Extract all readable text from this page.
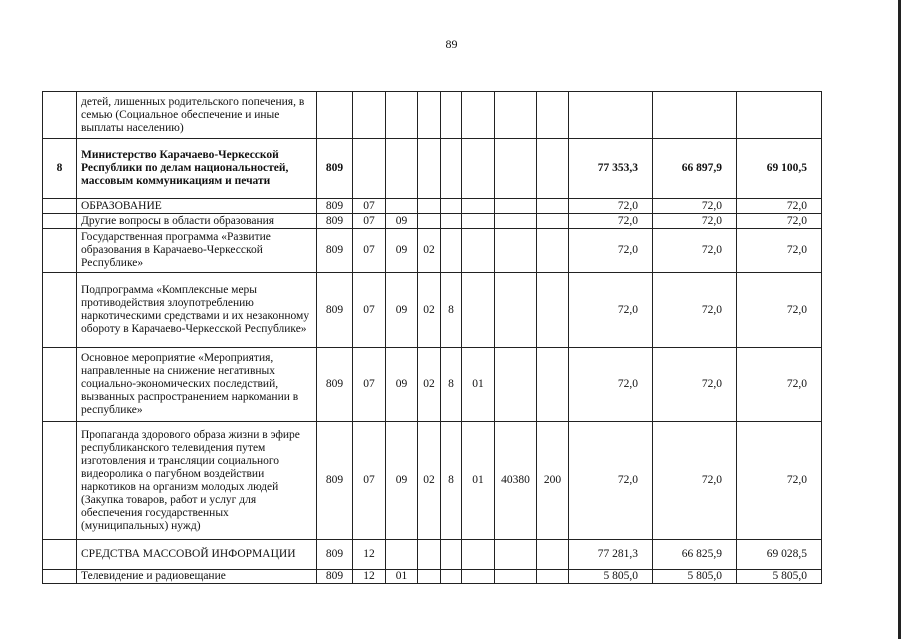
89
	детей, лишенных родительского попечения, в семью (Социальное обеспечение и иные выплаты населению)											
8	Министерство Карачаево-Черкесской Республики по делам национальностей, массовым коммуникациям и печати	809								77 353,3	66 897,9	69 100,5
	ОБРАЗОВАНИЕ	809	07							72,0	72,0	72,0
	Другие вопросы в области образования	809	07	09						72,0	72,0	72,0
	Государственная программа «Развитие образования в Карачаево-Черкесской Республике»	809	07	09	02					72,0	72,0	72,0
	Подпрограмма «Комплексные меры противодействия злоупотреблению наркотическими средствами и их незаконному обороту в Карачаево-Черкесской Республике»	809	07	09	02	8				72,0	72,0	72,0
	Основное мероприятие «Мероприятия, направленные на снижение негативных социально-экономических последствий, вызванных распространением наркомании в республике»	809	07	09	02	8	01			72,0	72,0	72,0
	Пропаганда здорового образа жизни в эфире республиканского телевидения путем изготовления и трансляции социального видеоролика о пагубном воздействии наркотиков на организм молодых людей (Закупка товаров, работ и услуг для обеспечения государственных (муниципальных) нужд)	809	07	09	02	8	01	40380	200	72,0	72,0	72,0
	СРЕДСТВА МАССОВОЙ ИНФОРМАЦИИ	809	12							77 281,3	66 825,9	69 028,5
	Телевидение и радиовещание	809	12	01						5 805,0	5 805,0	5 805,0
